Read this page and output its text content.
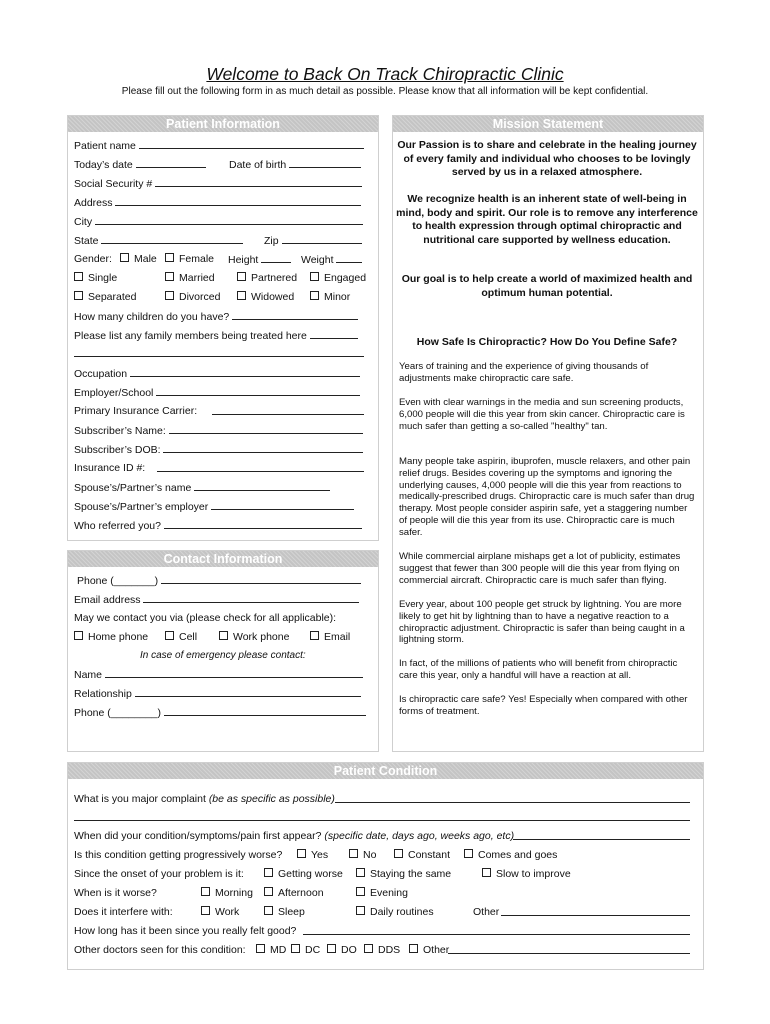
Welcome to Back On Track Chiropractic Clinic
Please fill out the following form in as much detail as possible. Please know that all information will be kept confidential.
Patient Information
Patient name
Today’s date	Date of birth
Social Security #
Address
City
State	Zip
Gender:	Male	Female Height	Weight
Single	Married	Partnered	Engaged
Separated	Divorced	Widowed	Minor
How many children do you have?
Please list any family members being treated here
Occupation
Employer/School
Primary Insurance Carrier:
Subscriber’s Name:
Subscriber’s DOB:
Insurance ID #:
Spouse’s/Partner’s name
Spouse’s/Partner’s employer
Who referred you?
Contact Information
Phone (_______)
Email address
May we contact you via (please check for all applicable):
Home phone	Cell	Work phone	Email
In case of emergency please contact:
Name
Relationship
Phone (________)
Mission Statement
Our Passion is to share and celebrate in the healing journey of every family and individual who chooses to be lovingly served by us in a relaxed atmosphere.
We recognize health is an inherent state of well-being in mind, body and spirit. Our role is to remove any interference to health expression through optimal chiropractic and nutritional care supported by wellness education.
Our goal is to help create a world of maximized health and optimum human potential.
How Safe Is Chiropractic? How Do You Define Safe?
Years of training and the experience of giving thousands of adjustments make chiropractic care safe.
Even with clear warnings in the media and sun screening products, 6,000 people will die this year from skin cancer. Chiropractic care is much safer than getting a so-called "healthy" tan.
Many people take aspirin, ibuprofen, muscle relaxers, and other pain relief drugs. Besides covering up the symptoms and ignoring the underlying causes, 4,000 people will die this year from reactions to medically-prescribed drugs. Chiropractic care is much safer than drug therapy. Most people consider aspirin safe, yet a staggering number of people will die this year from its use. Chiropractic care is much safer.
While commercial airplane mishaps get a lot of publicity, estimates suggest that fewer than 300 people will die this year from flying on commercial aircraft. Chiropractic care is much safer than flying.
Every year, about 100 people get struck by lightning. You are more likely to get hit by lightning than to have a negative reaction to a chiropractic adjustment. Chiropractic is safer than being caught in a lightning storm.
In fact, of the millions of patients who will benefit from chiropractic care this year, only a handful will have a reaction at all.
Is chiropractic care safe? Yes! Especially when compared with other forms of treatment.
Patient Condition
What is you major complaint (be as specific as possible)
When did your condition/symptoms/pain first appear? (specific date, days ago, weeks ago, etc)
Is this condition getting progressively worse?	Yes	No	Constant	Comes and goes
Since the onset of your problem is it:	Getting worse	Staying the same	Slow to improve
When is it worse?	Morning	Afternoon	Evening
Does it interfere with:	Work	Sleep	Daily routines	Other
How long has it been since you really felt good?
Other doctors seen for this condition:	MD	DC	DO	DDS	Other
